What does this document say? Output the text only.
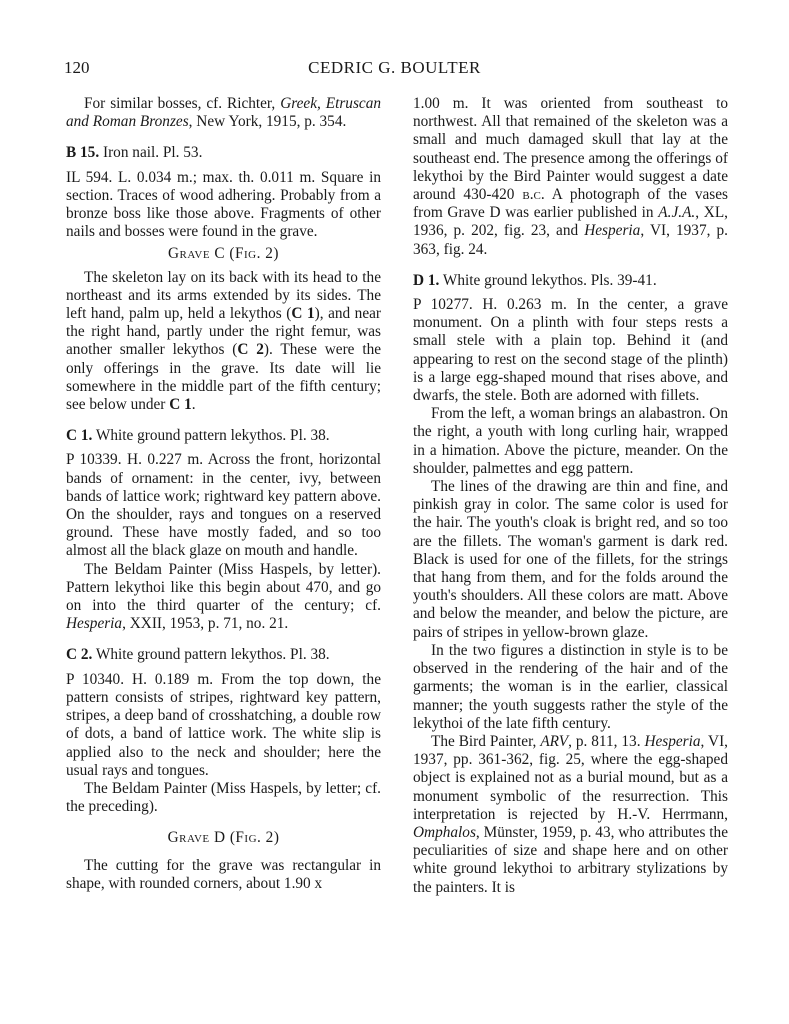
120	CEDRIC G. BOULTER

For similar bosses, cf. Richter, Greek, Etruscan and Roman Bronzes, New York, 1915, p. 354.

B 15. Iron nail. Pl. 53.

IL 594. L. 0.034 m.; max. th. 0.011 m. Square in section. Traces of wood adhering. Probably from a bronze boss like those above. Fragments of other nails and bosses were found in the grave.

Grave C (Fig. 2)

The skeleton lay on its back with its head to the northeast and its arms extended by its sides. The left hand, palm up, held a lekythos (C 1), and near the right hand, partly under the right femur, was another smaller lekythos (C 2). These were the only offerings in the grave. Its date will lie somewhere in the middle part of the fifth century; see below under C 1.

C 1. White ground pattern lekythos. Pl. 38.

P 10339. H. 0.227 m. Across the front, horizontal bands of ornament: in the center, ivy, between bands of lattice work; rightward key pattern above. On the shoulder, rays and tongues on a reserved ground. These have mostly faded, and so too almost all the black glaze on mouth and handle.

The Beldam Painter (Miss Haspels, by letter). Pattern lekythoi like this begin about 470, and go on into the third quarter of the century; cf. Hesperia, XXII, 1953, p. 71, no. 21.

C 2. White ground pattern lekythos. Pl. 38.

P 10340. H. 0.189 m. From the top down, the pattern consists of stripes, rightward key pattern, stripes, a deep band of crosshatching, a double row of dots, a band of lattice work. The white slip is applied also to the neck and shoulder; here the usual rays and tongues.

The Beldam Painter (Miss Haspels, by letter; cf. the preceding).

Grave D (Fig. 2)

The cutting for the grave was rectangular in shape, with rounded corners, about 1.90 x

1.00 m. It was oriented from southeast to northwest. All that remained of the skeleton was a small and much damaged skull that lay at the southeast end. The presence among the offerings of lekythoi by the Bird Painter would suggest a date around 430-420 b.c. A photograph of the vases from Grave D was earlier published in A.J.A., XL, 1936, p. 202, fig. 23, and Hesperia, VI, 1937, p. 363, fig. 24.

D 1. White ground lekythos. Pls. 39-41.

P 10277. H. 0.263 m. In the center, a grave monument. On a plinth with four steps rests a small stele with a plain top. Behind it (and appearing to rest on the second stage of the plinth) is a large egg-shaped mound that rises above, and dwarfs, the stele. Both are adorned with fillets.

From the left, a woman brings an alabastron. On the right, a youth with long curling hair, wrapped in a himation. Above the picture, meander. On the shoulder, palmettes and egg pattern.

The lines of the drawing are thin and fine, and pinkish gray in color. The same color is used for the hair. The youth's cloak is bright red, and so too are the fillets. The woman's garment is dark red. Black is used for one of the fillets, for the strings that hang from them, and for the folds around the youth's shoulders. All these colors are matt. Above and below the meander, and below the picture, are pairs of stripes in yellow-brown glaze.

In the two figures a distinction in style is to be observed in the rendering of the hair and of the garments; the woman is in the earlier, classical manner; the youth suggests rather the style of the lekythoi of the late fifth century.

The Bird Painter, ARV, p. 811, 13. Hesperia, VI, 1937, pp. 361-362, fig. 25, where the egg-shaped object is explained not as a burial mound, but as a monument symbolic of the resurrection. This interpretation is rejected by H.-V. Herrmann, Omphalos, Münster, 1959, p. 43, who attributes the peculiarities of size and shape here and on other white ground lekythoi to arbitrary stylizations by the painters. It is
